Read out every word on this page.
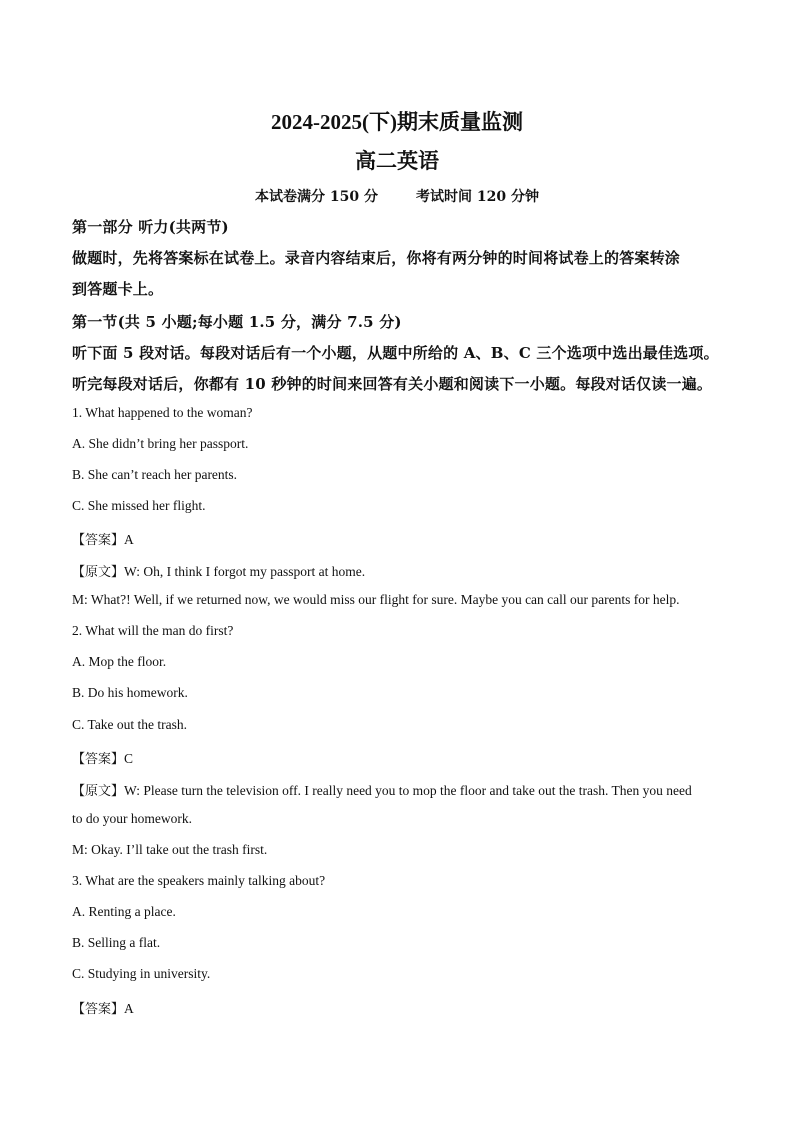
2024-2025(下)期末质量监测
高二英语
本试卷满分 150 分	考试时间 120 分钟
第一部分 听力(共两节)
做题时，先将答案标在试卷上。录音内容结束后，你将有两分钟的时间将试卷上的答案转涂
到答题卡上。
第一节(共 5 小题;每小题 1.5 分，满分 7.5 分)
听下面 5 段对话。每段对话后有一个小题，从题中所给的 A、B、C 三个选项中选出最佳选项。
听完每段对话后，你都有 10 秒钟的时间来回答有关小题和阅读下一小题。每段对话仅读一遍。
1. What happened to the woman?
A. She didn’t bring her passport.
B. She can’t reach her parents.
C. She missed her flight.
【答案】A
【原文】W: Oh, I think I forgot my passport at home.
M: What?! Well, if we returned now, we would miss our flight for sure. Maybe you can call our parents for help.
2. What will the man do first?
A. Mop the floor.
B. Do his homework.
C. Take out the trash.
【答案】C
【原文】W: Please turn the television off. I really need you to mop the floor and take out the trash. Then you need
to do your homework.
M: Okay. I’ll take out the trash first.
3. What are the speakers mainly talking about?
A. Renting a place.
B. Selling a flat.
C. Studying in university.
【答案】A
